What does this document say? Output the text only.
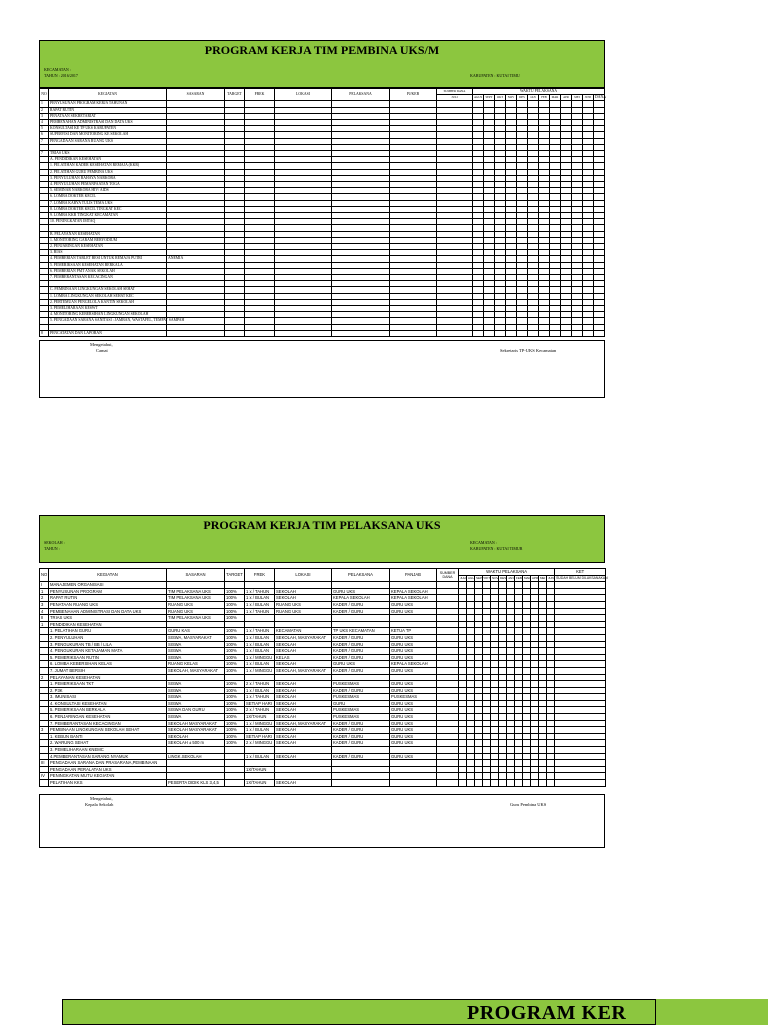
PROGRAM KERJA TIM PEMBINA UKS/M
KECAMATAN :
TAHUN : 2016/2017	KABUPATEN : KUTAI TIMU
NO	KEGIATAN	SASARAN	TARGET	FREK	LOKASI	PELAKSANA	PJ/KEB	SUMBER DANA	WAKTU PELAKSANA											
								JULI	AGUS	SEPT	OKT	NOV	DES	JAN	FEB	MAR	APR	MEI	JUNI	DANA
1	PENYUSUNAN PROGRAM KERJA TAHUNAN																			
2	RAPAT RUTIN																			
3	PENATAAN SEKRETARIAT																			
4	PEMBENAHAN ADMINISTRASI DAN DATA UKS																			
5	KONSULTASI KE TP UKS KABUPATEN																			
6	SUPERVISI DAN MONITORING KE SEKOLAH																			
7	PENGADAAN SARANA RUANG UKS																			

7	TRIAS UKS																			
	A. PENDIDIKAN KESEHATAN																			
	1. PELATIHAN KADER KESEHATAN REMAJA (KKR)																			
	2. PELATIHAN GURU PEMBINA UKS																			
	3. PENYULUHAN BAHAYA NARKOBA																			
	4. PENYULUHAN PEMANFAATAN TOGA																			
	5. SEMINAR NARKOBA HIV/ AIDS																			
	6. LOMBA DOKTER KECIL																			
	7. LOMBA KARYA TULIS TEMA UKS																			
	8. LOMBA DOKTER KECIL TINGKAT KEC																			
	9. LOMBA KKR TINGKAT KECAMATAN																			
	10. PENINGKATAN IMTAQ																			

	B. PELAYANAN KESEHATAN																			
	1. MONITORING GARAM BERYODIUM																			
	2. PENJARINGAN KESEHATAN																			
	3. BIAS																			
	4. PEMBERIAN TABLET BESI UNTUK REMAJA PUTRI	ANEMIA																		
	5. PEMERIKSAAN KESEHATAN BERKALA																			
	6. PEMBERIAN PMT ANAK SEKOLAH																			
	7. PEMBERANTASAN KECACINGAN																			

	C. PEMBINAAN LINGKUNGAN SEKOLAH SEHAT																			
	1. LOMBA LINGKUNGAN SEKOLAH SEHAT KEC																			
	2. PERTEMUAN PENGELOLA KANTIN SEKOLAH																			
	3. PEMELIHARAAN KESWT																			
	4. MONITORING KEBERSIHAN LINGKUNGAN SEKOLAH																			
	5. PENGADAAN SARANA SANITASI : JAMBAN, WASTAFEL, TEMPAT SAMPAH																			

8	PENCATATAN DAN LAPORAN																			
Mengetahui,
Camat	Sekretaris TP-UKS Kecamatan
PROGRAM KERJA TIM PELAKSANA UKS
SEKOLAH :
TAHUN :
KECAMATAN :
KABUPATEN : KUTAI TIMUR
NO	KEGIATAN	SASARAN	TARGET	FREK	LOKASI	PELAKSANA	PANJAB	SUMBER DANA	WAKTU PELAKSANA												KET
									JULI	AGU	SEPT	OKT	NOV	DES	JAN	FEB	MAR	APR	MEI	JUN	SUDAH BELUM DILAKSANAKAN
I	MANAJEMEN ORGANISASI																				
1	PENYUSUNAN PROGRAM	TIM PELAKSANA UKS	100%	1 x / TAHUN	SEKOLAH	GURU UKS	KEPALA SEKOLAH														
2	RAPAT RUTIN	TIM PELAKSANA UKS	100%	1 x / BULAN	SEKOLAH	KEPALA SEKOLAH	KEPALA SEKOLAH														
3	PENATAAN RUANG UKS	RUANG UKS	100%	1 x / BULAN	RUANG UKS	KADER / GURU	GURU UKS														
4	PEMBENAHAN ADMINISTRASI DAN DATA UKS	RUANG UKS	100%	1 x / TAHUN	RUANG UKS	KADER / GURU	GURU UKS														
II	TRIAS UKS	TIM PELAKSANA UKS	100%																		
1	PENDIDIKAN KESEHATAN																				
	1. PELATIHAN GURU	GURU KAS	100%	1 x / TAHUN	KECAMATAN	TP UKS KECAMATAN	KETUA TP														
	2. PENYULUHAN	SISWA, MASYARAKAT	100%	1 x / BULAN	SEKOLAH, MASYARAKAT	KADER / GURU	GURU UKS														
	3. PENGUKURAN TB / BB / LILA	SISWA	100%	1 x / BULAN	SEKOLAH	KADER / GURU	GURU UKS														
	4. PENGUKURAN KETAJAMAN MATA	SISWA	100%	1 x / BULAN	SEKOLAH	KADER / GURU	GURU UKS														
	5. PEMERIKSAAN RUTIN	SISWA	100%	1 x / MINGGU	KELAS	KADER / GURU	GURU UKS														
	6. LOMBA KEBERSIHAN KELAS	RUANG KELAS	100%	1 x / BULAN	SEKOLAH	GURU UKS	KEPALA SEKOLAH														
	7. JUMAT BERSIH	SEKOLAH, MASYARAKAT	100%	1 x / MINGGU	SEKOLAH, MASYARAKAT	KADER / GURU	GURU UKS														
2	PELAYANAN KESEHATAN																				
	1. PEMERIKSAAN TKT	SISWA	100%	2 x / TAHUN	SEKOLAH	PUSKESMAS	GURU UKS														
	2. P3K	SISWA	100%	1 x / BULAN	SEKOLAH	KADER / GURU	GURU UKS														
	3. IMUNISASI	SISWA	100%	1 x / TAHUN	SEKOLAH	PUSKESMAS	PUSKESMAS														
	4. KONSULTASI KESEHATAN	SISWA	100%	SETIAP HARI	SEKOLAH	GURU	GURU UKS														
	5. PEMERIKSAAN BERKALA	SISWA DAN GURU	100%	2 x / TAHUN	SEKOLAH	PUSKESMAS	GURU UKS														
	6. PENJARINGAN KESEHATAN	SISWA	100%	1X/TAHUN	SEKOLAH	PUSKESMAS	GURU UKS														
	7. PEMBERANTASAN KECACINGAN	SEKOLAH MASYARAKAT	100%	1 x / MINGGU	SEKOLAH, MASYARAKAT	KADER / GURU	GURU UKS														
3	PEMBINAAN LINGKUNGAN SEKOLAH SEHAT	SEKOLAH MASYARAKAT	100%	1 x / BULAN	SEKOLAH	KADER / GURU	GURU UKS														
	1. KEBUN BANTI	SEKOLAH	100%	SETIAP HARI	SEKOLAH	KADER / GURU	GURU UKS														
	2. WARUNG SEHAT	SEKOLAH ± 500 m	100%	2 x / MINGGU	SEKOLAH	KADER / GURU	GURU UKS														
	3. PEMELIHARAAN KNEMC																				
	4.PEMBERANTASAN SARANG NYAMUK	LINGK.SEKOLAH		1 x / BULAN	SEKOLAH	KADER / GURU	GURU UKS														
III	PENGADAAN SARANA DAN PRASARANA,PEMBINAAN																				
	PENGADAAN PERALATAN UKS			1X/TAHUN																	
IV	PENINGKATAN MUTU KEGIATAN																				
	PELATIHAN KKS	PESERTA DIDIK KLS 3,4,5		1X/TAHUN	SEKOLAH																
Mengetahui,
Kepala Sekolah	Guru Pembina UKS
PROGRAM KER
